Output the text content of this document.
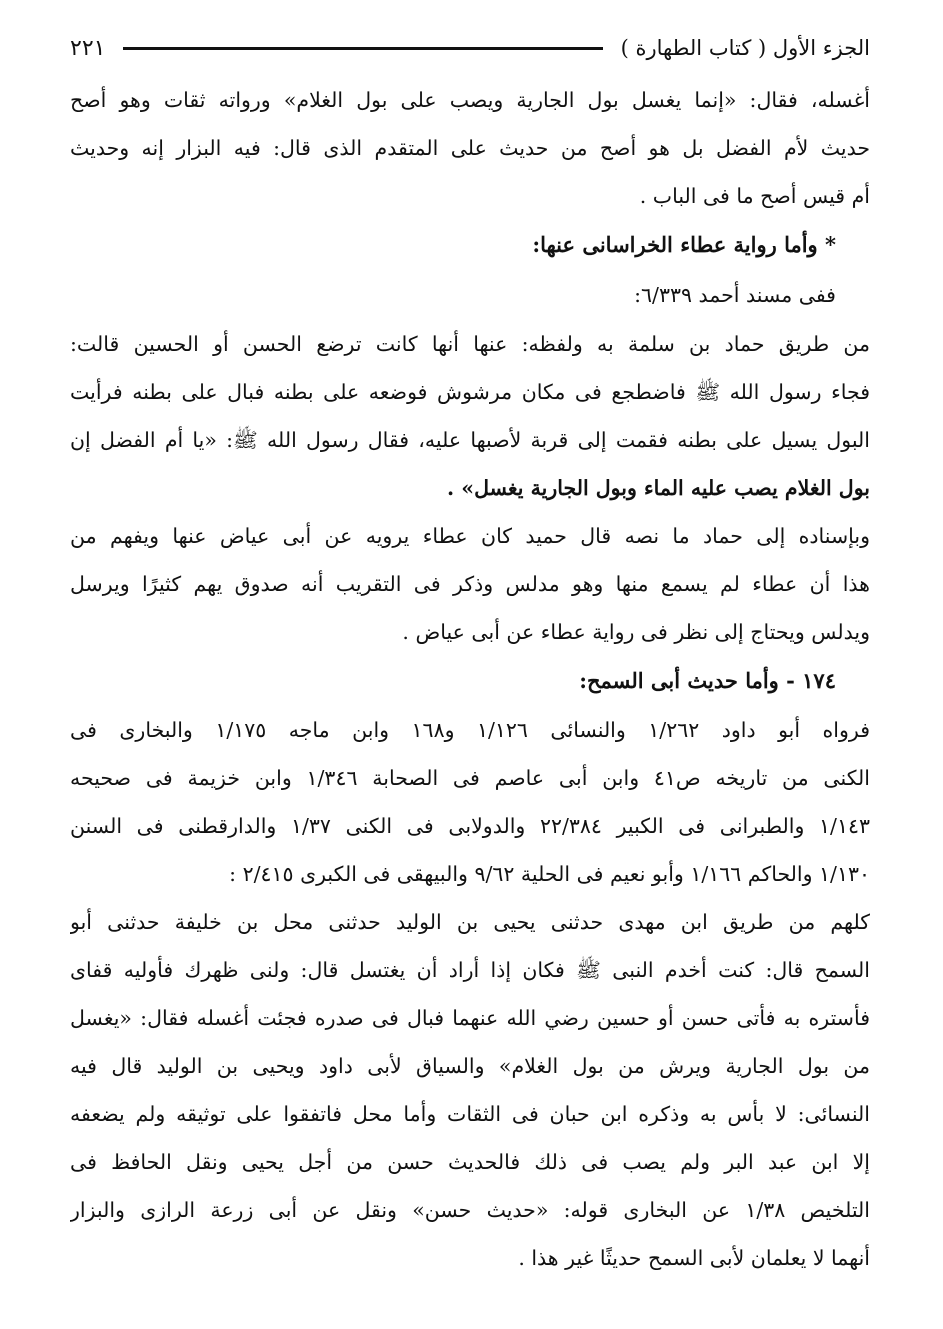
الجزء الأول ( كتاب الطهارة )
٢٢١
أغسله، فقال: «إنما يغسل بول الجارية ويصب على بول الغلام» ورواته ثقات وهو أصح
حديث لأم الفضل بل هو أصح من حديث على المتقدم الذى قال: فيه البزار إنه وحديث
أم قيس أصح ما فى الباب .
* وأما رواية عطاء الخراسانى عنها:
ففى مسند أحمد ٦/٣٣٩:
من طريق حماد بن سلمة به ولفظه: عنها أنها كانت ترضع الحسن أو الحسين قالت:
فجاء رسول الله ﷺ فاضطجع فى مكان مرشوش فوضعه على بطنه فبال على بطنه فرأيت
البول يسيل على بطنه فقمت إلى قربة لأصبها عليه، فقال رسول الله ﷺ: «يا أم الفضل إن
بول الغلام يصب عليه الماء وبول الجارية يغسل» .
وبإسناده إلى حماد ما نصه قال حميد كان عطاء يرويه عن أبى عياض عنها ويفهم من
هذا أن عطاء لم يسمع منها وهو مدلس وذكر فى التقريب أنه صدوق يهم كثيرًا ويرسل
ويدلس ويحتاج إلى نظر فى رواية عطاء عن أبى عياض .
١٧٤ - وأما حديث أبى السمح:
فرواه أبو داود ١/٢٦٢ والنسائى ١/١٢٦ و١٦٨ وابن ماجه ١/١٧٥ والبخارى فى
الكنى من تاريخه ص٤١ وابن أبى عاصم فى الصحابة ١/٣٤٦ وابن خزيمة فى صحيحه
١/١٤٣ والطبرانى فى الكبير ٢٢/٣٨٤ والدولابى فى الكنى ١/٣٧ والدارقطنى فى السنن
١/١٣٠ والحاكم ١/١٦٦ وأبو نعيم فى الحلية ٩/٦٢ والبيهقى فى الكبرى ٢/٤١٥ :
كلهم من طريق ابن مهدى حدثنى يحيى بن الوليد حدثنى محل بن خليفة حدثنى أبو
السمح قال: كنت أخدم النبى ﷺ فكان إذا أراد أن يغتسل قال: ولنى ظهرك فأوليه قفاى
فأستره به فأتى حسن أو حسين رضي الله عنهما فبال فى صدره فجئت أغسله فقال: «يغسل
من بول الجارية ويرش من بول الغلام» والسياق لأبى داود ويحيى بن الوليد قال فيه
النسائى: لا بأس به وذكره ابن حبان فى الثقات وأما محل فاتفقوا على توثيقه ولم يضعفه
إلا ابن عبد البر ولم يصب فى ذلك فالحديث حسن من أجل يحيى ونقل الحافظ فى
التلخيص ١/٣٨ عن البخارى قوله: «حديث حسن» ونقل عن أبى زرعة الرازى والبزار
أنهما لا يعلمان لأبى السمح حديثًا غير هذا .
